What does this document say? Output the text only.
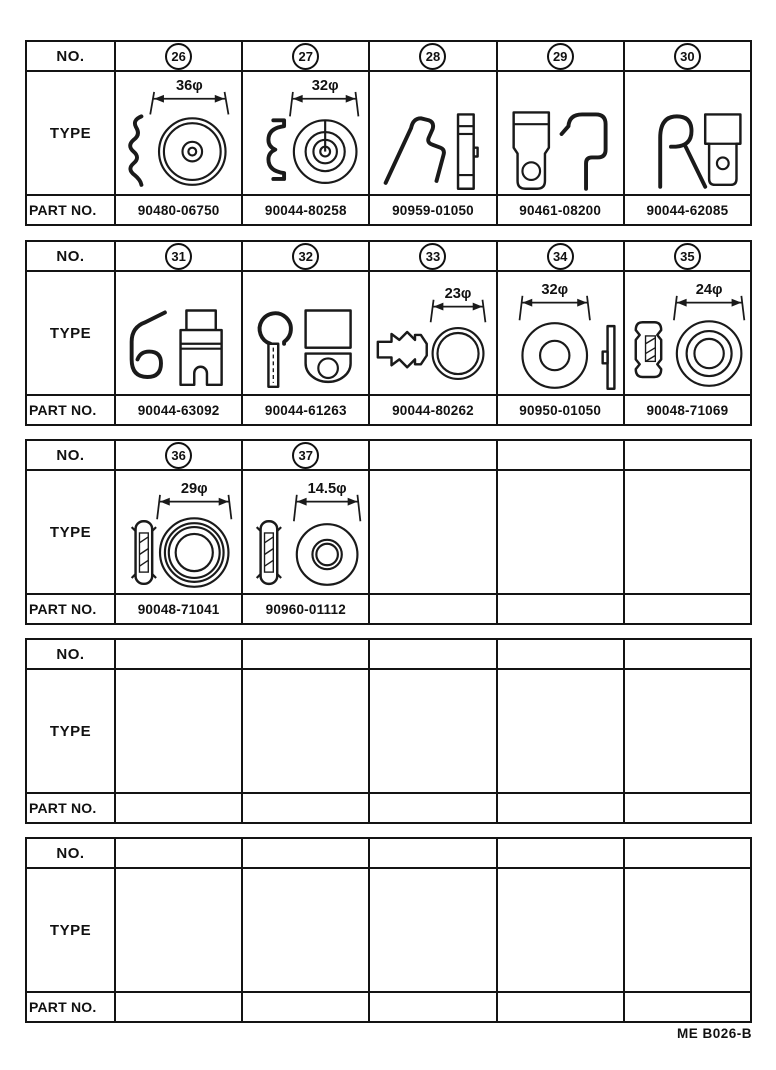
NO.	26	27	28	29	30
TYPE
36φ	32φ
PART NO.	90480-06750	90044-80258	90959-01050	90461-08200	90044-62085
NO.	31	32	33	34	35
TYPE
23φ	32φ	24φ
PART NO.	90044-63092	90044-61263	90044-80262	90950-01050	90048-71069
NO.	36	37
TYPE
29φ	14.5φ
PART NO.	90048-71041	90960-01112
NO.
TYPE
PART NO.
NO.
TYPE
PART NO.
ME B026-B
